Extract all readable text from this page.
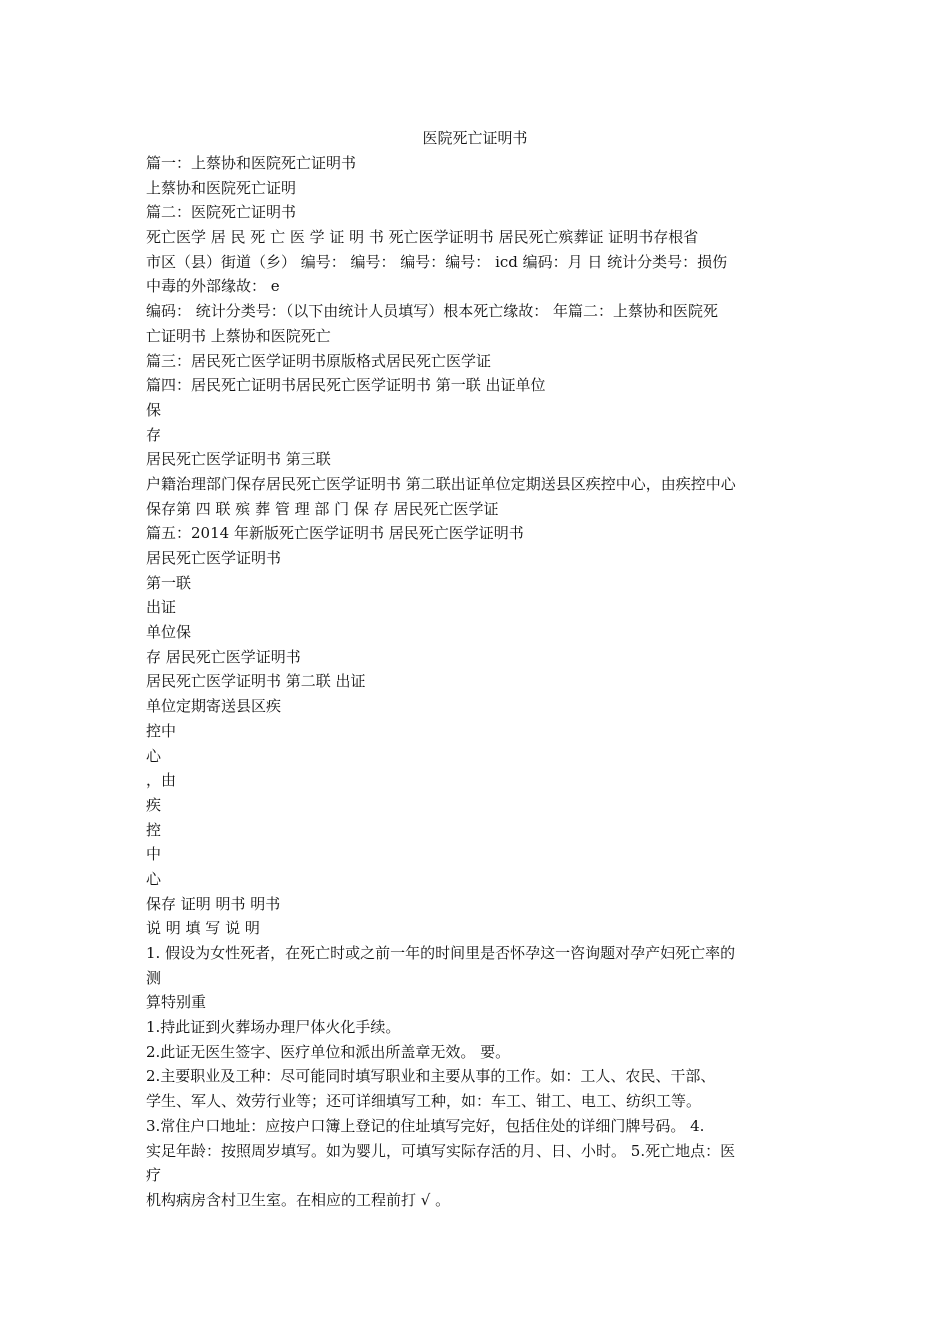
医院死亡证明书
篇一：上蔡协和医院死亡证明书
上蔡协和医院死亡证明
篇二：医院死亡证明书
死亡医学 居 民 死 亡 医 学 证 明 书 死亡医学证明书 居民死亡殡葬证 证明书存根省
市区（县）街道（乡） 编号： 编号： 编号：编号： icd 编码：月 日 统计分类号：损伤
中毒的外部缘故： e
编码： 统计分类号：（以下由统计人员填写）根本死亡缘故： 年篇二：上蔡协和医院死
亡证明书 上蔡协和医院死亡
篇三：居民死亡医学证明书原版格式居民死亡医学证
篇四：居民死亡证明书居民死亡医学证明书 第一联 出证单位
保
存
居民死亡医学证明书 第三联
户籍治理部门保存居民死亡医学证明书 第二联出证单位定期送县区疾控中心，由疾控中心
保存第 四 联 殡 葬 管 理 部 门 保 存 居民死亡医学证
篇五：2014 年新版死亡医学证明书 居民死亡医学证明书
居民死亡医学证明书
第一联
出证
单位保
存 居民死亡医学证明书
居民死亡医学证明书 第二联 出证
单位定期寄送县区疾
控中
心
，由
疾
控
中
心
保存 证明 明书 明书
说 明 填 写 说 明
1. 假设为女性死者，在死亡时或之前一年的时间里是否怀孕这一咨询题对孕产妇死亡率的
测
算特别重
1.持此证到火葬场办理尸体火化手续。
2.此证无医生签字、医疗单位和派出所盖章无效。 要。
2.主要职业及工种：尽可能同时填写职业和主要从事的工作。如：工人、农民、干部、
学生、军人、效劳行业等；还可详细填写工种，如：车工、钳工、电工、纺织工等。
3.常住户口地址：应按户口簿上登记的住址填写完好，包括住处的详细门牌号码。 4.
实足年龄：按照周岁填写。如为婴儿，可填写实际存活的月、日、小时。 5.死亡地点：医
疗
机构病房含村卫生室。在相应的工程前打 √ 。
